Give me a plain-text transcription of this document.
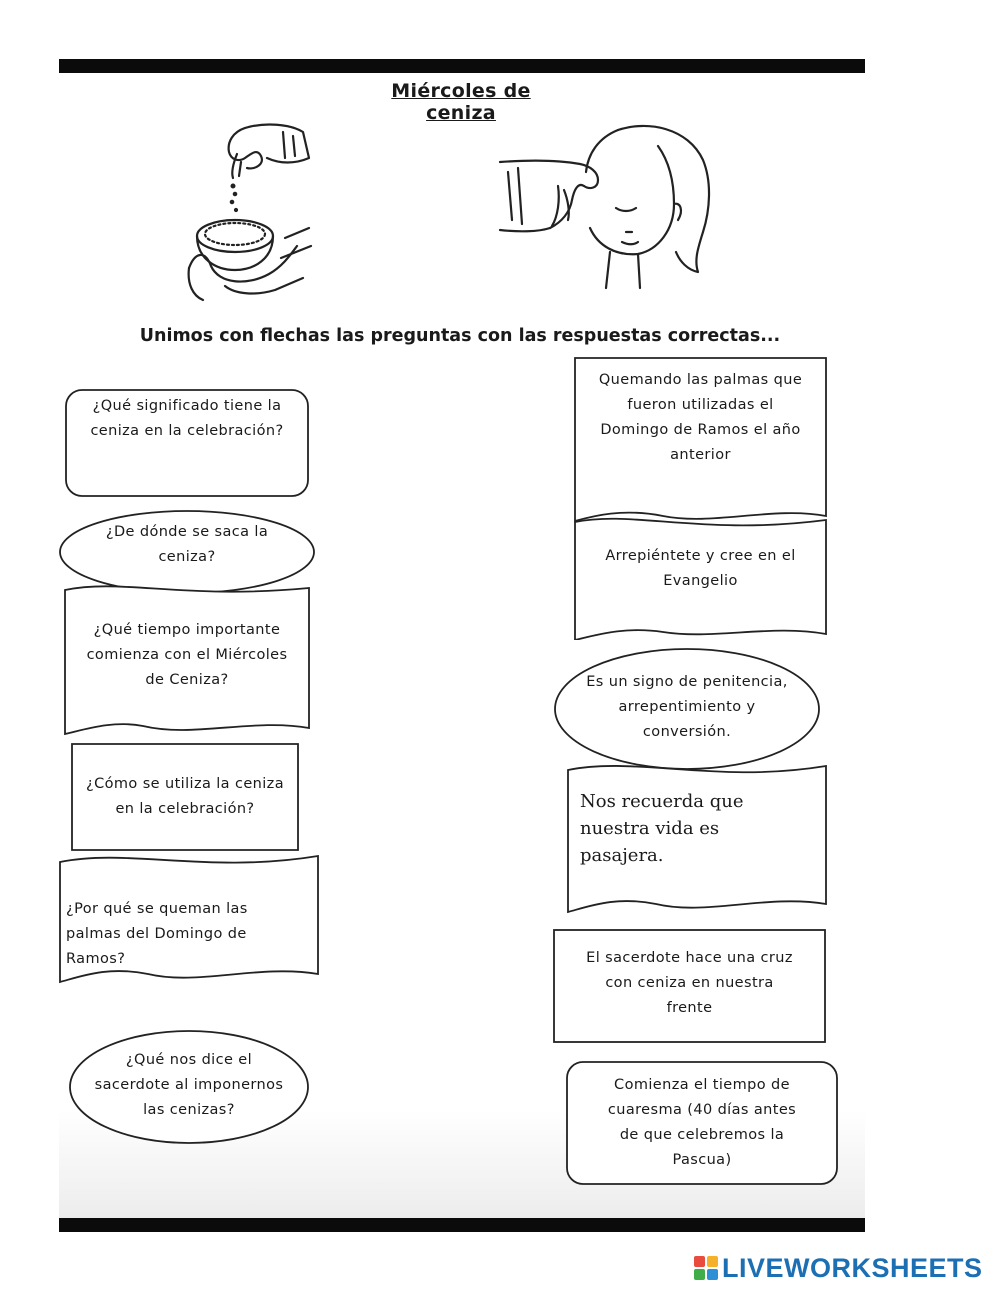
Miércoles de ceniza
Unimos con flechas las preguntas con las respuestas correctas...
¿Qué significado tiene la
ceniza en la celebración?
¿De dónde se saca la
ceniza?
¿Qué tiempo importante
comienza con el Miércoles
de Ceniza?
¿Cómo se utiliza la ceniza
en la celebración?
¿Por qué se queman las
palmas del Domingo de
Ramos?
¿Qué nos dice el
sacerdote al imponernos
las cenizas?
Quemando las palmas que
fueron utilizadas el
Domingo de Ramos el año
anterior
Arrepiéntete y cree en el
Evangelio
Es un signo de penitencia,
arrepentimiento y
conversión.
Nos recuerda que
nuestra vida es
pasajera.
El sacerdote hace una cruz
con ceniza en nuestra
frente
Comienza el tiempo de
cuaresma (40 días antes
de que celebremos la
Pascua)
LIVEWORKSHEETS
